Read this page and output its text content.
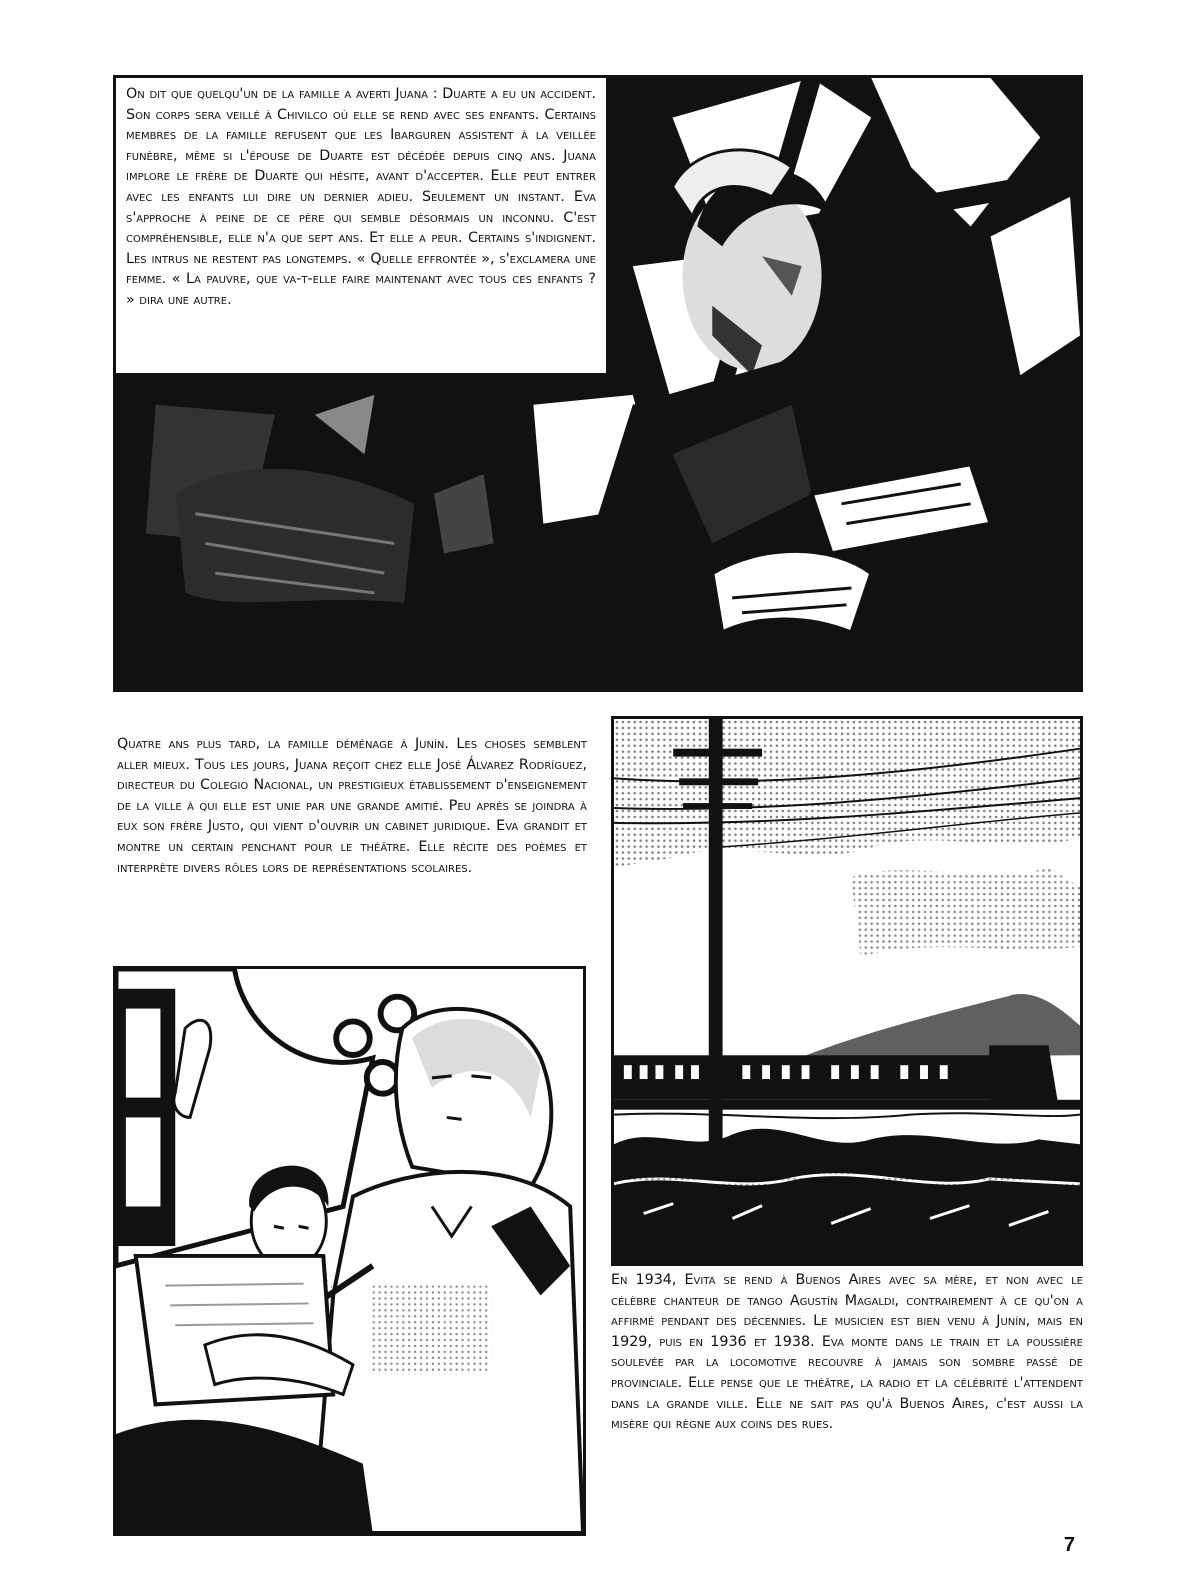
On dit que quelqu'un de la famille a averti Juana : Duarte a eu un accident. Son corps sera veillé à Chivilco où elle se rend avec ses enfants. Certains membres de la famille refusent que les Ibarguren assistent à la veillée funèbre, même si l'épouse de Duarte est décédée depuis cinq ans. Juana implore le frère de Duarte qui hésite, avant d'accepter. Elle peut entrer avec les enfants lui dire un dernier adieu. Seulement un instant. Eva s'approche à peine de ce père qui semble désormais un inconnu. C'est compréhensible, elle n'a que sept ans. Et elle a peur. Certains s'indignent. Les intrus ne restent pas longtemps. « Quelle effrontée », s'exclamera une femme. « La pauvre, que va-t-elle faire maintenant avec tous ces enfants ? » dira une autre.

Quatre ans plus tard, la famille déménage à Junín. Les choses semblent aller mieux. Tous les jours, Juana reçoit chez elle José Álvarez Rodríguez, directeur du Colegio Nacional, un prestigieux établissement d'enseignement de la ville à qui elle est unie par une grande amitié. Peu après se joindra à eux son frère Justo, qui vient d'ouvrir un cabinet juridique. Eva grandit et montre un certain penchant pour le théâtre. Elle récite des poèmes et interprète divers rôles lors de représentations scolaires.

En 1934, Evita se rend à Buenos Aires avec sa mère, et non avec le célèbre chanteur de tango Agustín Magaldi, contrairement à ce qu'on a affirmé pendant des décennies. Le musicien est bien venu à Junín, mais en 1929, puis en 1936 et 1938. Eva monte dans le train et la poussière soulevée par la locomotive recouvre à jamais son sombre passé de provinciale. Elle pense que le théâtre, la radio et la célébrité l'attendent dans la grande ville. Elle ne sait pas qu'à Buenos Aires, c'est aussi la misère qui règne aux coins des rues.

7
